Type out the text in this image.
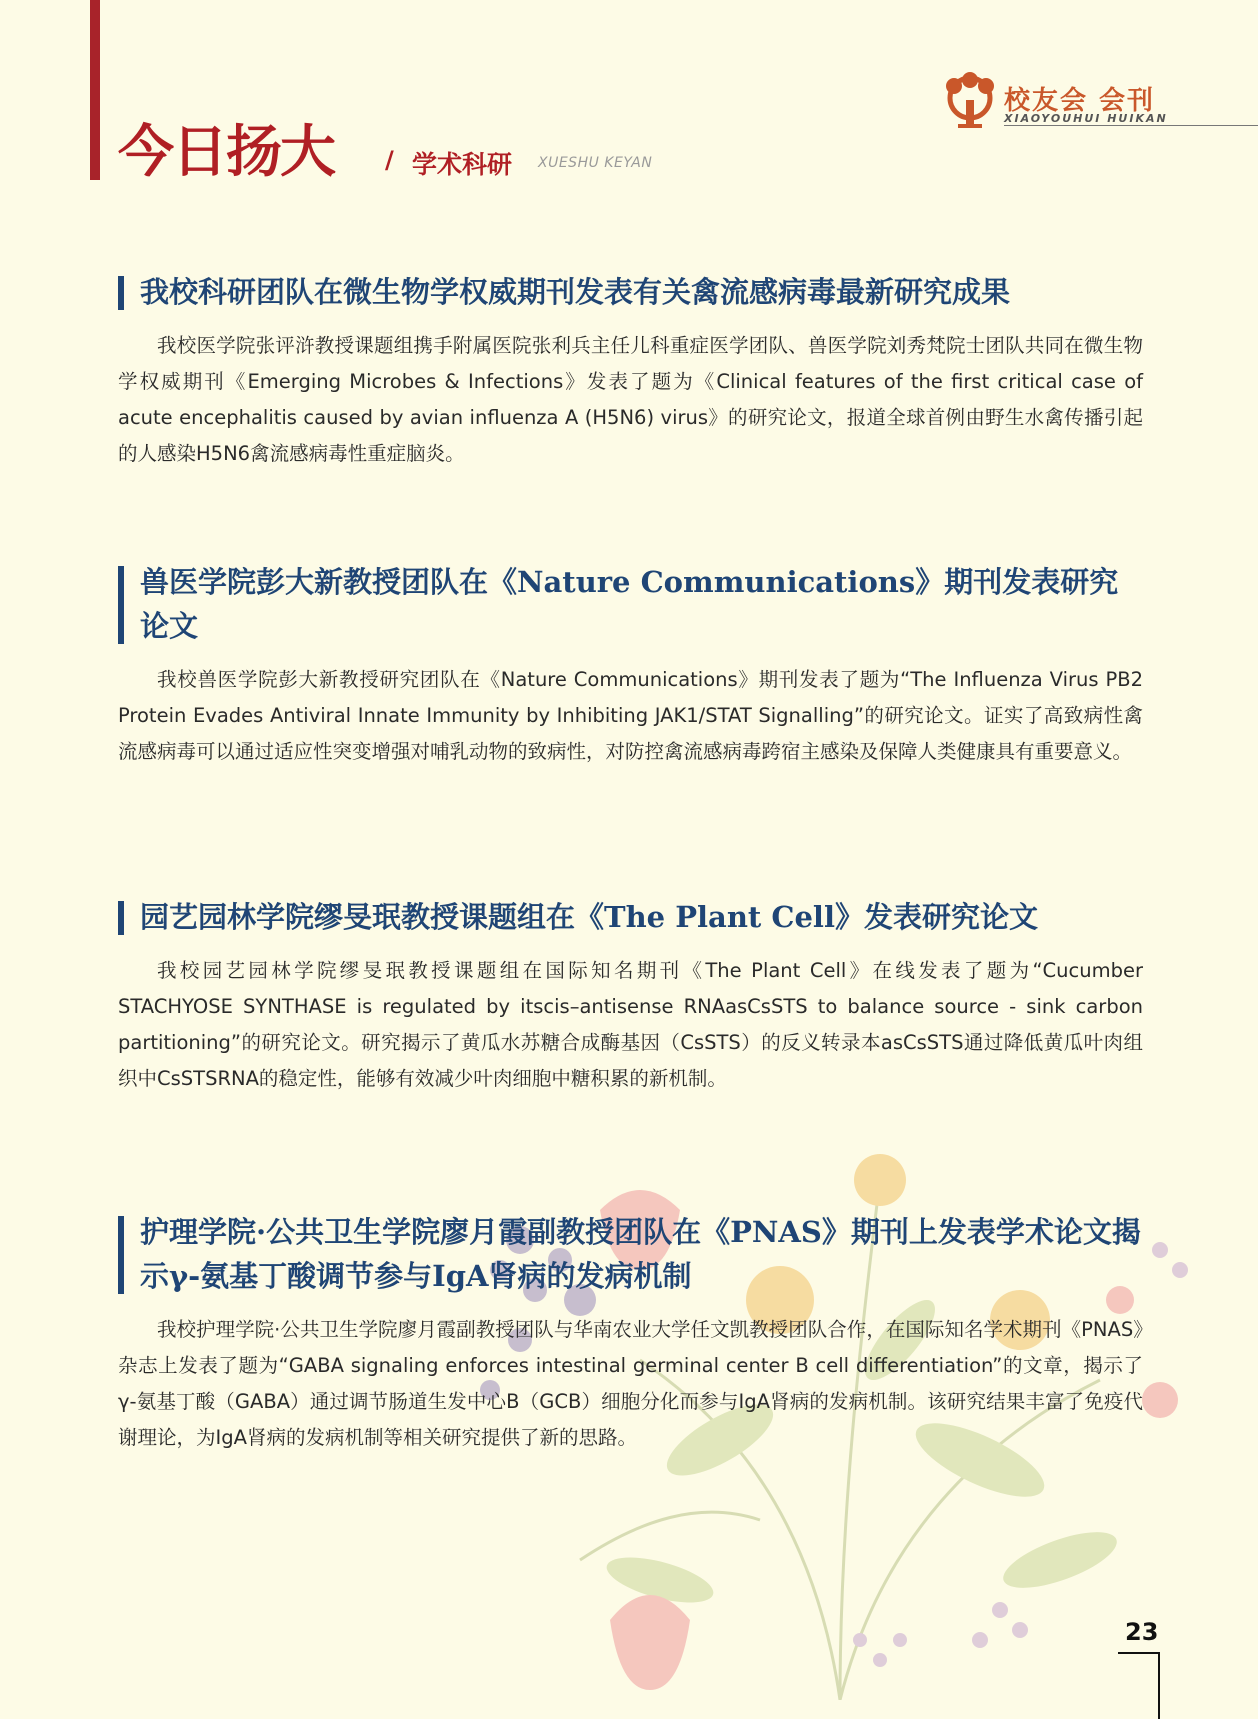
今日扬大 / 学术科研 XUESHU KEYAN
校友会 会刊
XIAOYOUHUI HUIKAN
我校科研团队在微生物学权威期刊发表有关禽流感病毒最新研究成果

我校医学院张评浒教授课题组携手附属医院张利兵主任儿科重症医学团队、兽医学院刘秀梵院士团队共同在微生物学权威期刊《Emerging Microbes & Infections》发表了题为《Clinical features of the first critical case of acute encephalitis caused by avian influenza A (H5N6) virus》的研究论文，报道全球首例由野生水禽传播引起的人感染H5N6禽流感病毒性重症脑炎。

兽医学院彭大新教授团队在《Nature Communications》期刊发表研究论文

我校兽医学院彭大新教授研究团队在《Nature Communications》期刊发表了题为“The Influenza Virus PB2 Protein Evades Antiviral Innate Immunity by Inhibiting JAK1/STAT Signalling”的研究论文。证实了高致病性禽流感病毒可以通过适应性突变增强对哺乳动物的致病性，对防控禽流感病毒跨宿主感染及保障人类健康具有重要意义。

园艺园林学院缪旻珉教授课题组在《The Plant Cell》发表研究论文

我校园艺园林学院缪旻珉教授课题组在国际知名期刊《The Plant Cell》在线发表了题为“Cucumber STACHYOSE SYNTHASE is regulated by itscis–antisense RNAasCsSTS to balance source - sink carbon partitioning”的研究论文。研究揭示了黄瓜水苏糖合成酶基因（CsSTS）的反义转录本asCsSTS通过降低黄瓜叶肉组织中CsSTSRNA的稳定性，能够有效减少叶肉细胞中糖积累的新机制。

护理学院·公共卫生学院廖月霞副教授团队在《PNAS》期刊上发表学术论文揭示γ-氨基丁酸调节参与IgA肾病的发病机制

我校护理学院·公共卫生学院廖月霞副教授团队与华南农业大学任文凯教授团队合作，在国际知名学术期刊《PNAS》杂志上发表了题为“GABA signaling enforces intestinal germinal center B cell differentiation”的文章，揭示了γ-氨基丁酸（GABA）通过调节肠道生发中心B（GCB）细胞分化而参与IgA肾病的发病机制。该研究结果丰富了免疫代谢理论，为IgA肾病的发病机制等相关研究提供了新的思路。

23
